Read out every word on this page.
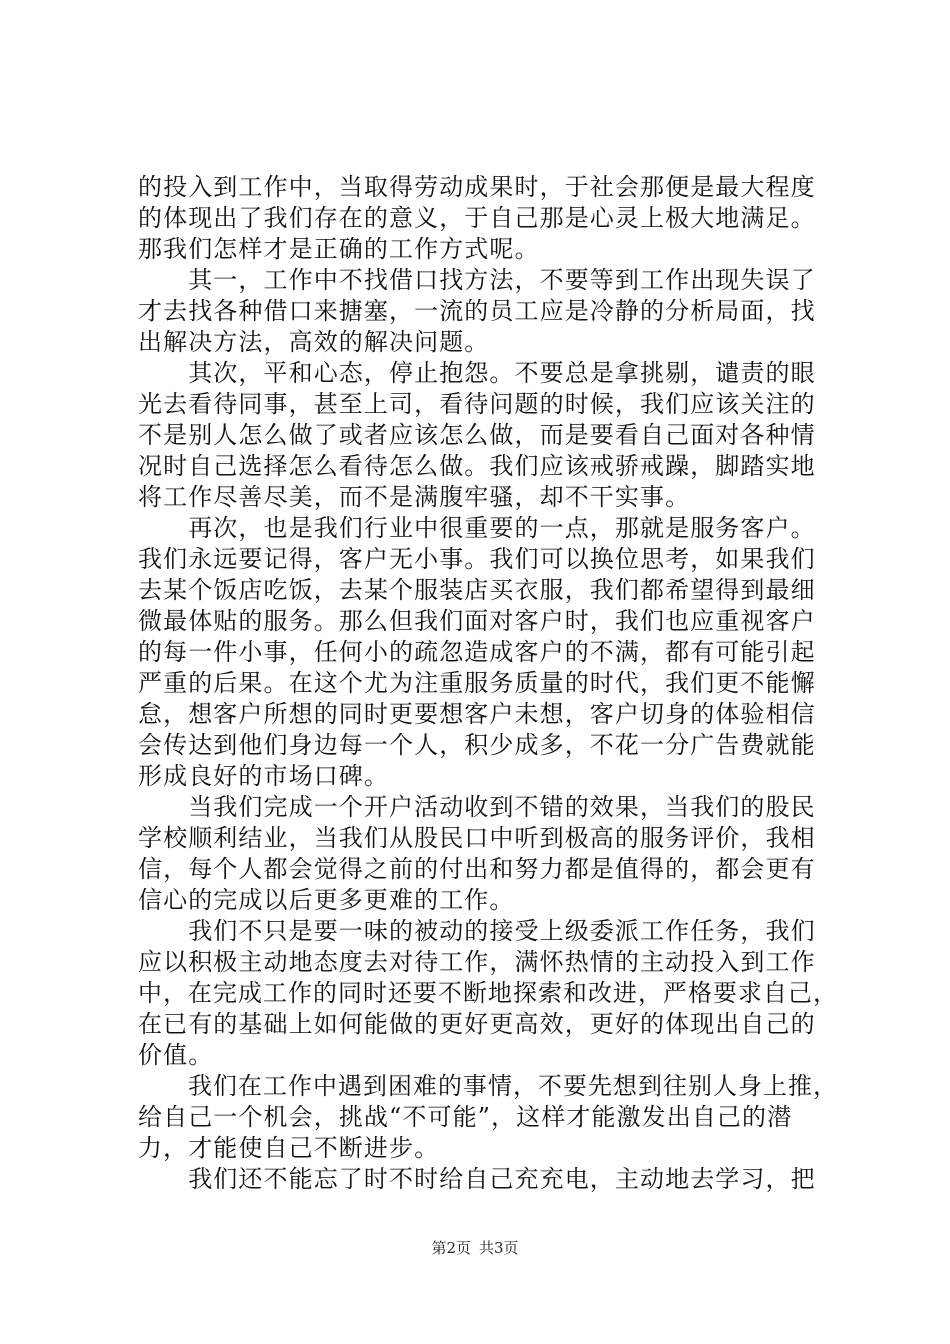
的投入到工作中，当取得劳动成果时，于社会那便是最大程度
的体现出了我们存在的意义，于自己那是心灵上极大地满足。
那我们怎样才是正确的工作方式呢。
　　其一，工作中不找借口找方法，不要等到工作出现失误了
才去找各种借口来搪塞，一流的员工应是冷静的分析局面，找
出解决方法，高效的解决问题。
　　其次，平和心态，停止抱怨。不要总是拿挑剔，谴责的眼
光去看待同事，甚至上司，看待问题的时候，我们应该关注的
不是别人怎么做了或者应该怎么做，而是要看自己面对各种情
况时自己选择怎么看待怎么做。我们应该戒骄戒躁，脚踏实地
将工作尽善尽美，而不是满腹牢骚，却不干实事。
　　再次，也是我们行业中很重要的一点，那就是服务客户。
我们永远要记得，客户无小事。我们可以换位思考，如果我们
去某个饭店吃饭，去某个服装店买衣服，我们都希望得到最细
微最体贴的服务。那么但我们面对客户时，我们也应重视客户
的每一件小事，任何小的疏忽造成客户的不满，都有可能引起
严重的后果。在这个尤为注重服务质量的时代，我们更不能懈
怠，想客户所想的同时更要想客户未想，客户切身的体验相信
会传达到他们身边每一个人，积少成多，不花一分广告费就能
形成良好的市场口碑。
　　当我们完成一个开户活动收到不错的效果，当我们的股民
学校顺利结业，当我们从股民口中听到极高的服务评价，我相
信，每个人都会觉得之前的付出和努力都是值得的，都会更有
信心的完成以后更多更难的工作。
　　我们不只是要一味的被动的接受上级委派工作任务，我们
应以积极主动地态度去对待工作，满怀热情的主动投入到工作
中，在完成工作的同时还要不断地探索和改进，严格要求自己，
在已有的基础上如何能做的更好更高效，更好的体现出自己的
价值。
　　我们在工作中遇到困难的事情，不要先想到往别人身上推，
给自己一个机会，挑战“不可能”，这样才能激发出自己的潜
力，才能使自己不断进步。
　　我们还不能忘了时不时给自己充充电，主动地去学习，把
第2页 共3页
